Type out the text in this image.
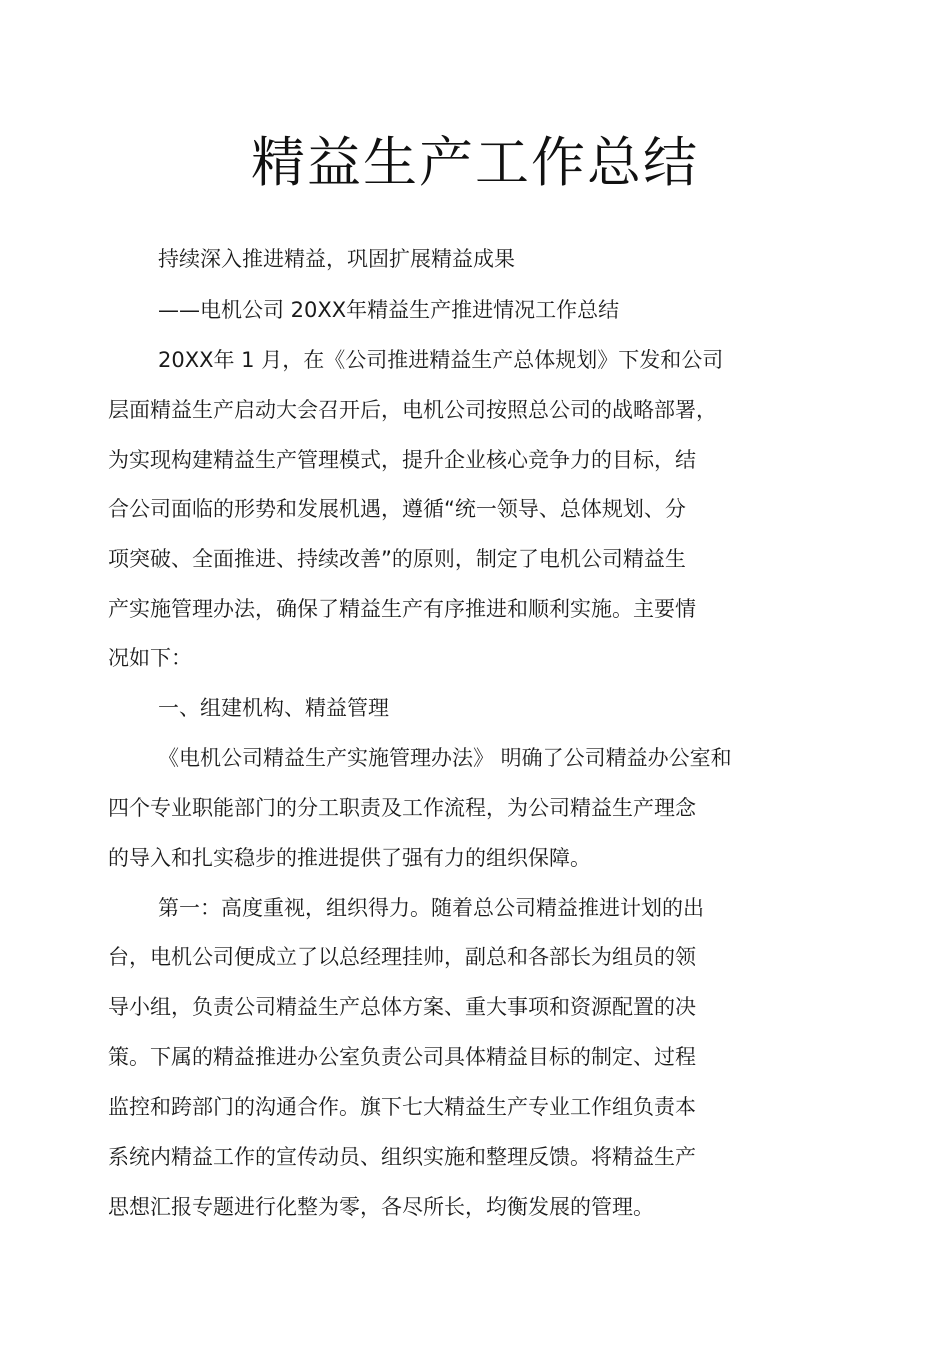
精益生产工作总结
持续深入推进精益，巩固扩展精益成果
——电机公司 20XX年精益生产推进情况工作总结
20XX年 1 月，在《公司推进精益生产总体规划》下发和公司
层面精益生产启动大会召开后，电机公司按照总公司的战略部署，
为实现构建精益生产管理模式，提升企业核心竞争力的目标，结
合公司面临的形势和发展机遇，遵循“统一领导、总体规划、分
项突破、全面推进、持续改善”的原则，制定了电机公司精益生
产实施管理办法，确保了精益生产有序推进和顺利实施。主要情
况如下：
一、组建机构、精益管理
《电机公司精益生产实施管理办法》 明确了公司精益办公室和
四个专业职能部门的分工职责及工作流程，为公司精益生产理念
的导入和扎实稳步的推进提供了强有力的组织保障。
第一：高度重视，组织得力。随着总公司精益推进计划的出
台，电机公司便成立了以总经理挂帅，副总和各部长为组员的领
导小组，负责公司精益生产总体方案、重大事项和资源配置的决
策。下属的精益推进办公室负责公司具体精益目标的制定、过程
监控和跨部门的沟通合作。旗下七大精益生产专业工作组负责本
系统内精益工作的宣传动员、组织实施和整理反馈。将精益生产
思想汇报专题进行化整为零，各尽所长，均衡发展的管理。
